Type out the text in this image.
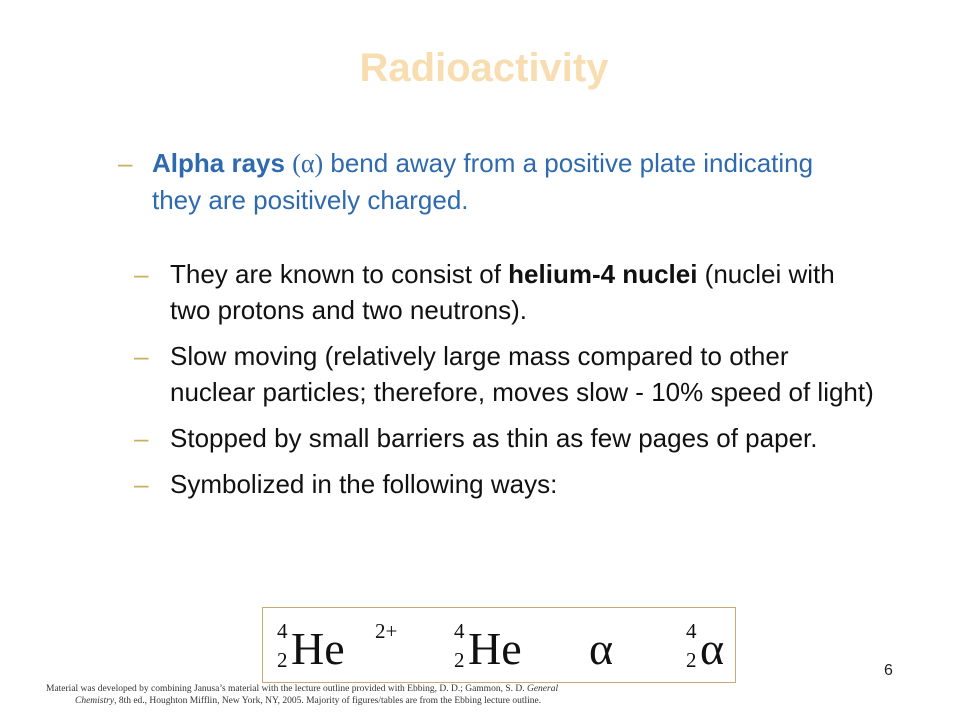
Radioactivity
– Alpha rays (α) bend away from a positive plate indicating they are positively charged.
– They are known to consist of helium-4 nuclei (nuclei with two protons and two neutrons).
– Slow moving (relatively large mass compared to other nuclear particles; therefore, moves slow - 10% speed of light)
– Stopped by small barriers as thin as few pages of paper.
– Symbolized in the following ways:
4
2 He 2+	4
2 He α	4
2 α	6
Material was developed by combining Janusa’s material with the lecture outline provided with Ebbing, D. D.; Gammon, S. D. General
Chemistry, 8th ed., Houghton Mifflin, New York, NY, 2005. Majority of figures/tables are from the Ebbing lecture outline.
